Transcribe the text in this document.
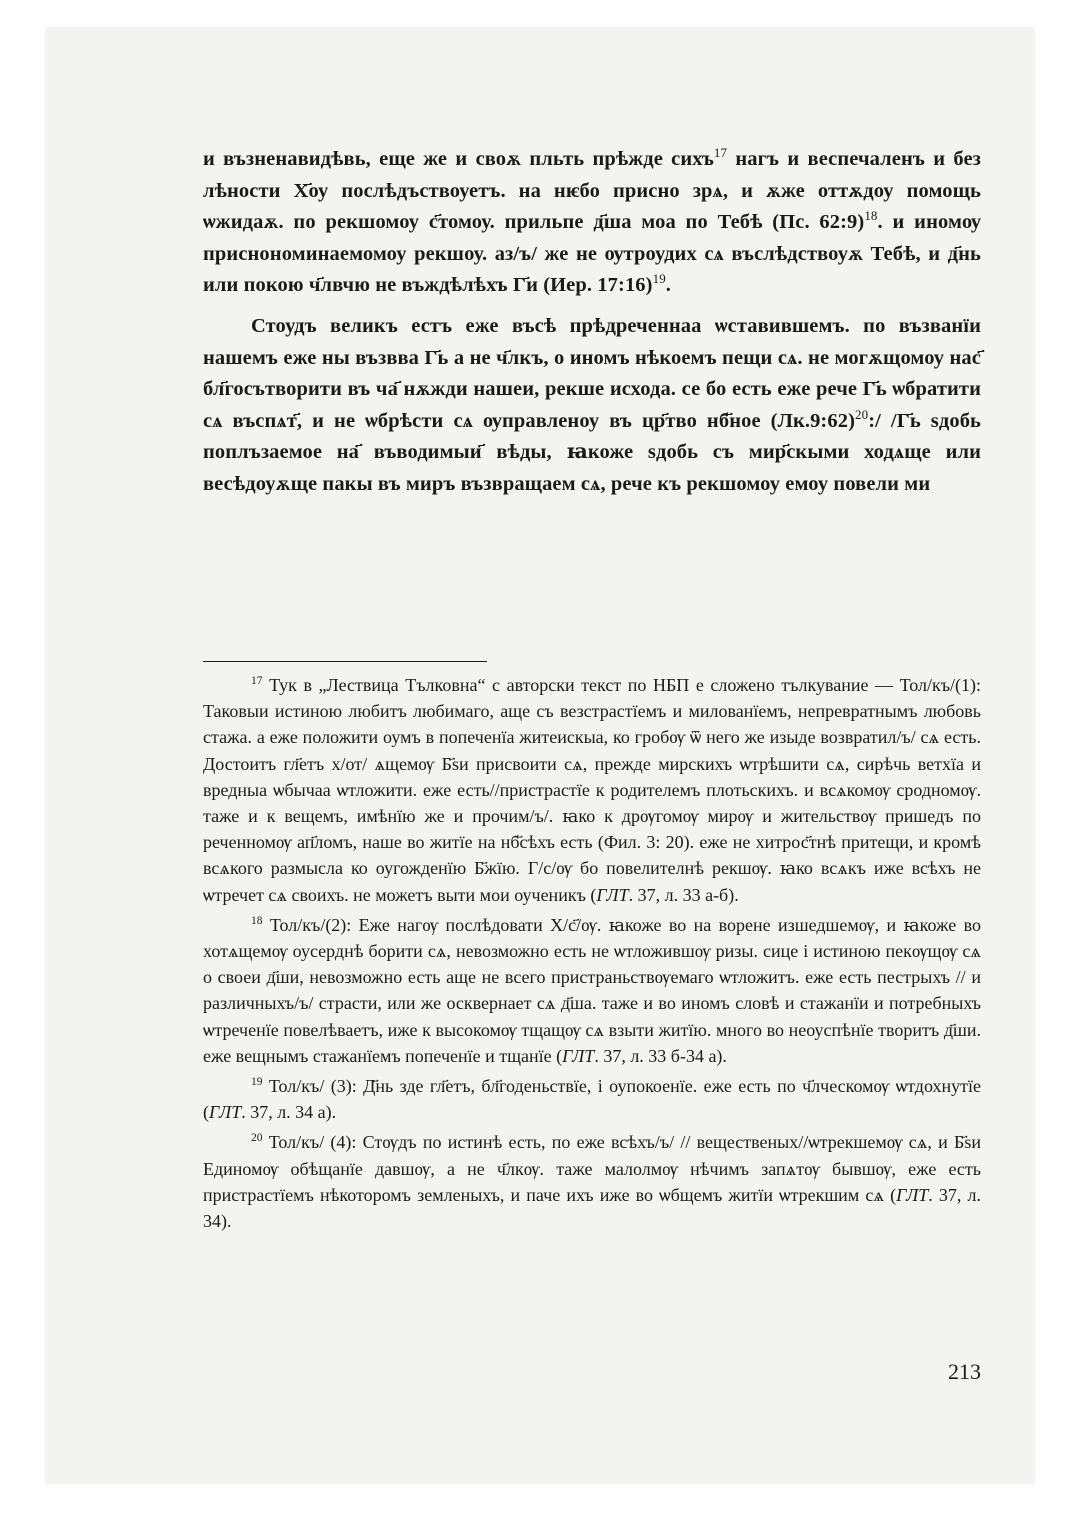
и възненавидѣвь, еще же и своѫ пльть прѣжде сихъ$^{17}$ нагъ и веспечаленъ и без лѣности Х҃оу послѣдъствоуетъ. на нѥбо присно зрѧ, и ѫже оттѫдоу помощь ѡжидаѫ. по рекшомоу с҃томоу. прильпе д҃ша моа по Тебѣ (Пс. 62:9)$^{18}$. и иномѹ приснономинаемомоу рекшоу. аз/ъ/ же не ѹтроудих сѧ въслѣдствоуѫ Тебѣ, и д҃нь или покою ч҃лвчю не въждѣлѣхъ Г҃и (Иер. 17:16)$^{19}$.

Стоудъ великъ естъ еже въсѣ прѣдреченнаа ѡставившемъ. по възванїи нашемъ еже ны възвва Г҃ь а не ч҃лкъ, о иномъ нѣкоемъ пещи сѧ. не могѫщомоу нас҃ бл҃госътворити въ ча҃ нѫжди нашеи, рекше исхода. се бо есть еже рече Г҃ь ѡбратити сѧ въспѧт҃, и не ѡбрѣсти сѧ ѹправленоу въ цр҃тво нб҃ное (Лк.9:62)$^{20}$:/ /Г҃ь ѕдобь поплъзаемое на҃ въводимыи҃ вѣды, ꙗкоже ѕдобь съ мир҃скыми ходѧще или весѣдоуѫще пакы въ миръ възвращаем сѧ, рече къ рекшомоу емоу повели ми

$^{17}$ Тук в „Лествица Тълковна“ с авторски текст по НБП е сложено тълкувание — Тол/къ/(1): Таковыи истиною любитъ любимаго, аще съ везстрастїемъ и милованїемъ, непревратнымъ любовь стажа. а еже положити оумъ в попеченїа житеискыа, ко гробѹ ѿ него же изыде возвратил/ъ/ сѧ есть. Достоитъ гл҃етъ х/от/ ѧщемѹ Б҃ѕи присвоити сѧ, прежде мирскихъ ѡтрѣшити сѧ, сирѣчь ветхїа и вредныа ѡбычаа ѡтложити. еже есть//пристрастїе к родителемъ плотьскихъ. и всѧкомѹ сродномѹ. таже и к вещемъ, имѣнїю же и прочим/ъ/. ꙗко к дрѹгомѹ мирѹ и жительствѹ пришедъ по реченномѹ ап҃ломъ, наше во житїе на нб҃сѣхъ есть (Фил. 3: 20). еже не хитрос҃тнѣ притещи, и кромѣ всѧкого размысла ко оугожденїю Б҃жїю. Г/с/ѹ бо повелителнѣ рекшѹ. ꙗко всѧкъ иже всѣхъ не ѡтречет сѧ своихъ. не можетъ выти мои оученикъ (ГЛТ. 37, л. 33 а-б).

$^{18}$ Тол/къ/(2): Еже нагѹ послѣдовати Х/с҃/ѹ. ꙗкоже во на ворене изшедшемѹ, и ꙗкоже во хотѧщемѹ оусерднѣ борити сѧ, невозможно есть не ѡтложившѹ ризы. сице і истиною пекѹщѹ сѧ о своеи д҃ши, невозможно есть аще не всего пристраньствѹемаго ѡтложитъ. еже есть пестрыхъ // и различныхъ/ъ/ страсти, или же осквернает сѧ д҃ша. таже и во иномъ словѣ и стажанїи и потребныхъ ѡтреченїе повелѣваетъ, иже к высокомѹ тщащѹ сѧ взыти житїю. много во неоуспѣнїе творитъ д҃ши. еже вещнымъ стажанїемъ попеченїе и тщанїе (ГЛТ. 37, л. 33 б-34 а).

$^{19}$ Тол/къ/ (3): Д҃нь зде гл҃етъ, бл҃годеньствїе, і оупокоенїе. еже есть по ч҃лческомѹ ѡтдохнутїе (ГЛТ. 37, л. 34 а).

$^{20}$ Тол/къ/ (4): Стѹдъ по истинѣ есть, по еже всѣхъ/ъ/ // вещественых//ѡтрекшемѹ сѧ, и Б҃ѕи Единомѹ обѣщанїе давшѹ, а не ч҃лкѹ. таже малолмѹ нѣчимъ запѧтѹ бывшѹ, еже есть пристрастїемъ нѣкоторомъ земленыхъ, и паче ихъ иже во ѡбщемъ житїи ѡтрекшим сѧ (ГЛТ. 37, л. 34).

213
